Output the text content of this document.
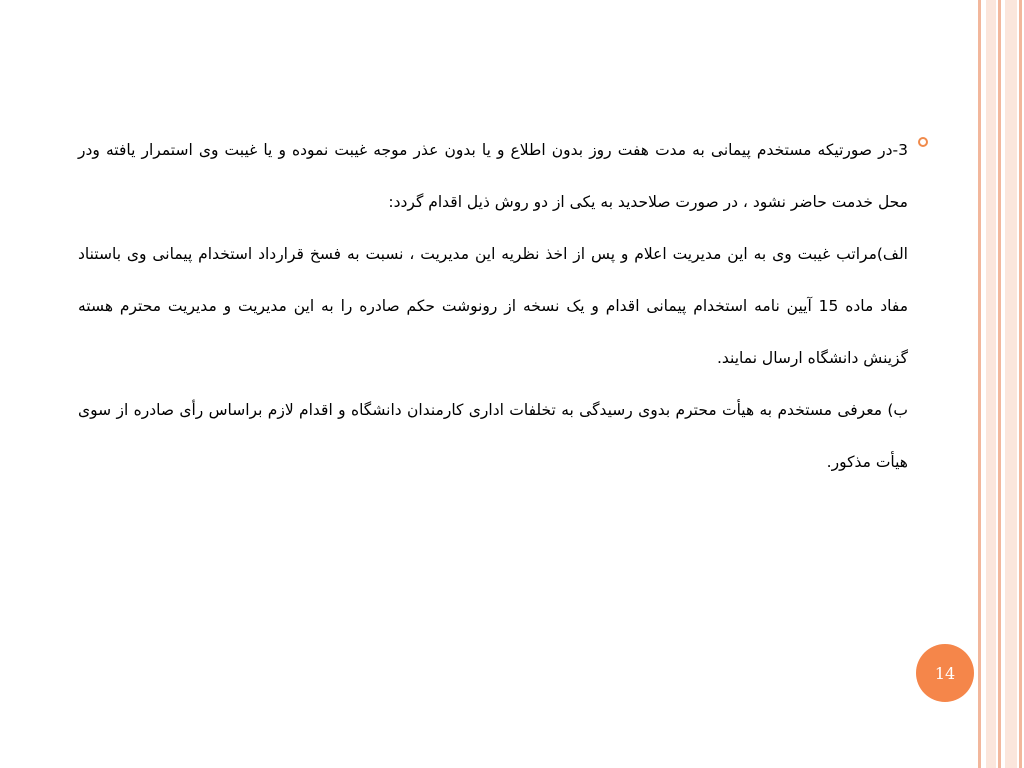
3-در صورتیکه مستخدم پیمانی به مدت هفت روز بدون اطلاع و یا بدون عذر موجه غیبت نموده و یا غیبت وی استمرار یافته ودر محل خدمت حاضر نشود ، در صورت صلاحدید به یکی از دو روش ذیل اقدام گردد:

الف)مراتب غیبت وی به این مدیریت اعلام و پس از اخذ نظریه این مدیریت ، نسبت به فسخ قرارداد استخدام پیمانی وی باستناد مفاد ماده 15 آیین نامه استخدام پیمانی اقدام و یک نسخه از رونوشت حکم صادره را به این مدیریت و مدیریت محترم هسته گزینش دانشگاه ارسال نمایند.

ب) معرفی مستخدم به هیأت محترم بدوی رسیدگی به تخلفات اداری کارمندان دانشگاه و اقدام لازم براساس رأی صادره از سوی هیأت مذکور.

14
